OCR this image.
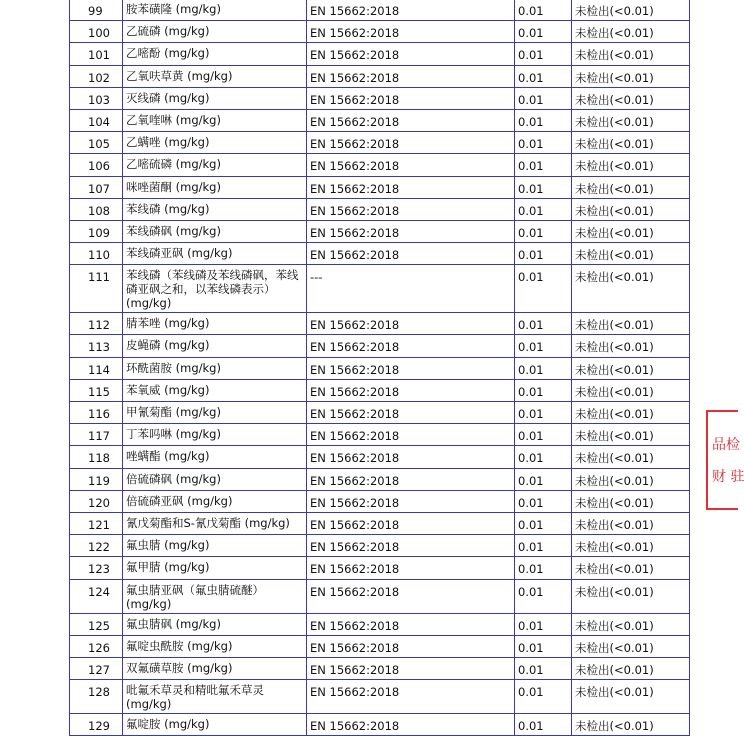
99	胺苯磺隆 (mg/kg)	EN 15662:2018	0.01	未检出(<0.01)
100	乙硫磷 (mg/kg)	EN 15662:2018	0.01	未检出(<0.01)
101	乙嘧酚 (mg/kg)	EN 15662:2018	0.01	未检出(<0.01)
102	乙氧呋草黄 (mg/kg)	EN 15662:2018	0.01	未检出(<0.01)
103	灭线磷 (mg/kg)	EN 15662:2018	0.01	未检出(<0.01)
104	乙氧喹啉 (mg/kg)	EN 15662:2018	0.01	未检出(<0.01)
105	乙螨唑 (mg/kg)	EN 15662:2018	0.01	未检出(<0.01)
106	乙嘧硫磷 (mg/kg)	EN 15662:2018	0.01	未检出(<0.01)
107	咪唑菌酮 (mg/kg)	EN 15662:2018	0.01	未检出(<0.01)
108	苯线磷 (mg/kg)	EN 15662:2018	0.01	未检出(<0.01)
109	苯线磷砜 (mg/kg)	EN 15662:2018	0.01	未检出(<0.01)
110	苯线磷亚砜 (mg/kg)	EN 15662:2018	0.01	未检出(<0.01)
111	苯线磷（苯线磷及苯线磷砜，苯线磷亚砜之和，以苯线磷表示） (mg/kg)	---	0.01	未检出(<0.01)
112	腈苯唑 (mg/kg)	EN 15662:2018	0.01	未检出(<0.01)
113	皮蝇磷 (mg/kg)	EN 15662:2018	0.01	未检出(<0.01)
114	环酰菌胺 (mg/kg)	EN 15662:2018	0.01	未检出(<0.01)
115	苯氧威 (mg/kg)	EN 15662:2018	0.01	未检出(<0.01)
116	甲氰菊酯 (mg/kg)	EN 15662:2018	0.01	未检出(<0.01)
117	丁苯吗啉 (mg/kg)	EN 15662:2018	0.01	未检出(<0.01)
118	唑螨酯 (mg/kg)	EN 15662:2018	0.01	未检出(<0.01)
119	倍硫磷砜 (mg/kg)	EN 15662:2018	0.01	未检出(<0.01)
120	倍硫磷亚砜 (mg/kg)	EN 15662:2018	0.01	未检出(<0.01)
121	氰戊菊酯和S-氰戊菊酯 (mg/kg)	EN 15662:2018	0.01	未检出(<0.01)
122	氟虫腈 (mg/kg)	EN 15662:2018	0.01	未检出(<0.01)
123	氟甲腈 (mg/kg)	EN 15662:2018	0.01	未检出(<0.01)
124	氟虫腈亚砜（氟虫腈硫醚） (mg/kg)	EN 15662:2018	0.01	未检出(<0.01)
125	氟虫腈砜 (mg/kg)	EN 15662:2018	0.01	未检出(<0.01)
126	氟啶虫酰胺 (mg/kg)	EN 15662:2018	0.01	未检出(<0.01)
127	双氟磺草胺 (mg/kg)	EN 15662:2018	0.01	未检出(<0.01)
128	吡氟禾草灵和精吡氟禾草灵 (mg/kg)	EN 15662:2018	0.01	未检出(<0.01)
129	氟啶胺 (mg/kg)	EN 15662:2018	0.01	未检出(<0.01)
品检
财 驻
